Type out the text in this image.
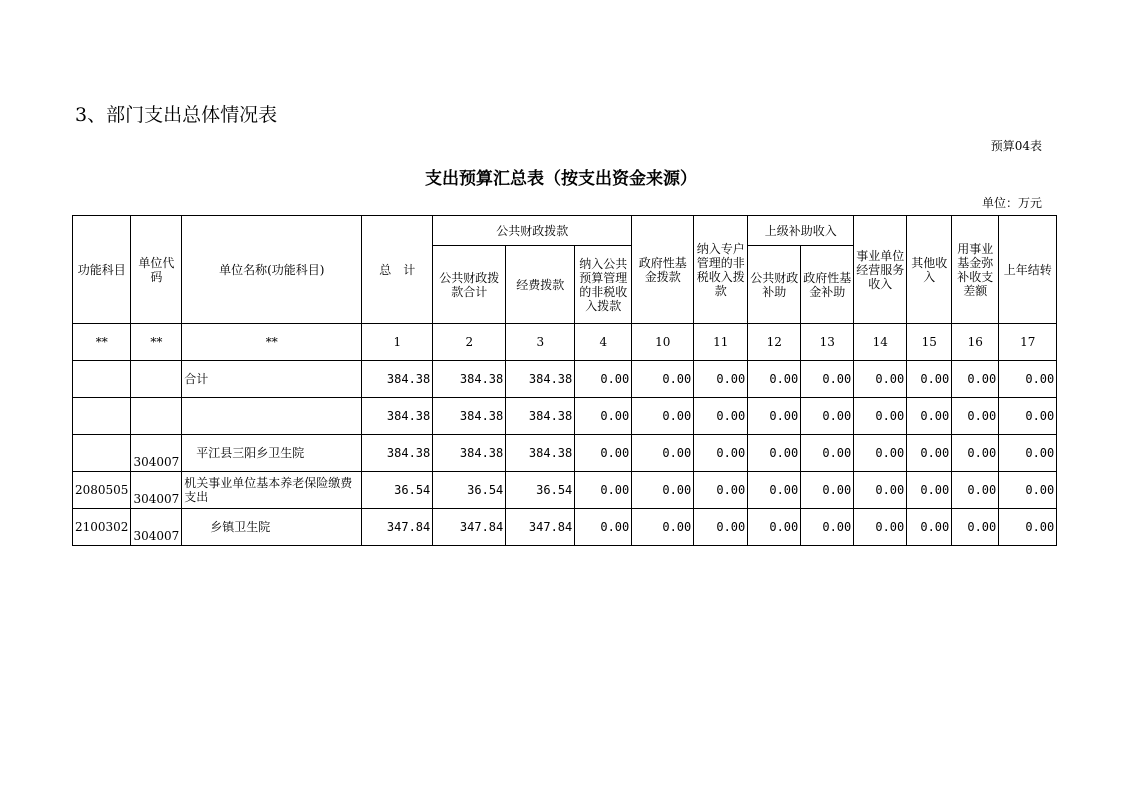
3、部门支出总体情况表
预算04表
支出预算汇总表（按支出资金来源）
单位：万元
功能科目	单位代码	单位名称(功能科目)	总　计	公共财政拨款			政府性基金拨款	纳入专户管理的非税收入拨款	上级补助收入		事业单位经营服务收入	其他收入	用事业基金弥补收支差额	上年结转
				公共财政拨款合计	经费拨款	纳入公共预算管理的非税收入拨款			公共财政补助	政府性基金补助				
**	**	**	1	2	3	4	10	11	12	13	14	15	16	17
		合计	384.38	384.38	384.38	0.00	0.00	0.00	0.00	0.00	0.00	0.00	0.00	0.00
			384.38	384.38	384.38	0.00	0.00	0.00	0.00	0.00	0.00	0.00	0.00	0.00
	304007	平江县三阳乡卫生院	384.38	384.38	384.38	0.00	0.00	0.00	0.00	0.00	0.00	0.00	0.00	0.00
2080505	304007	机关事业单位基本养老保险缴费支出	36.54	36.54	36.54	0.00	0.00	0.00	0.00	0.00	0.00	0.00	0.00	0.00
2100302	304007	乡镇卫生院	347.84	347.84	347.84	0.00	0.00	0.00	0.00	0.00	0.00	0.00	0.00	0.00
